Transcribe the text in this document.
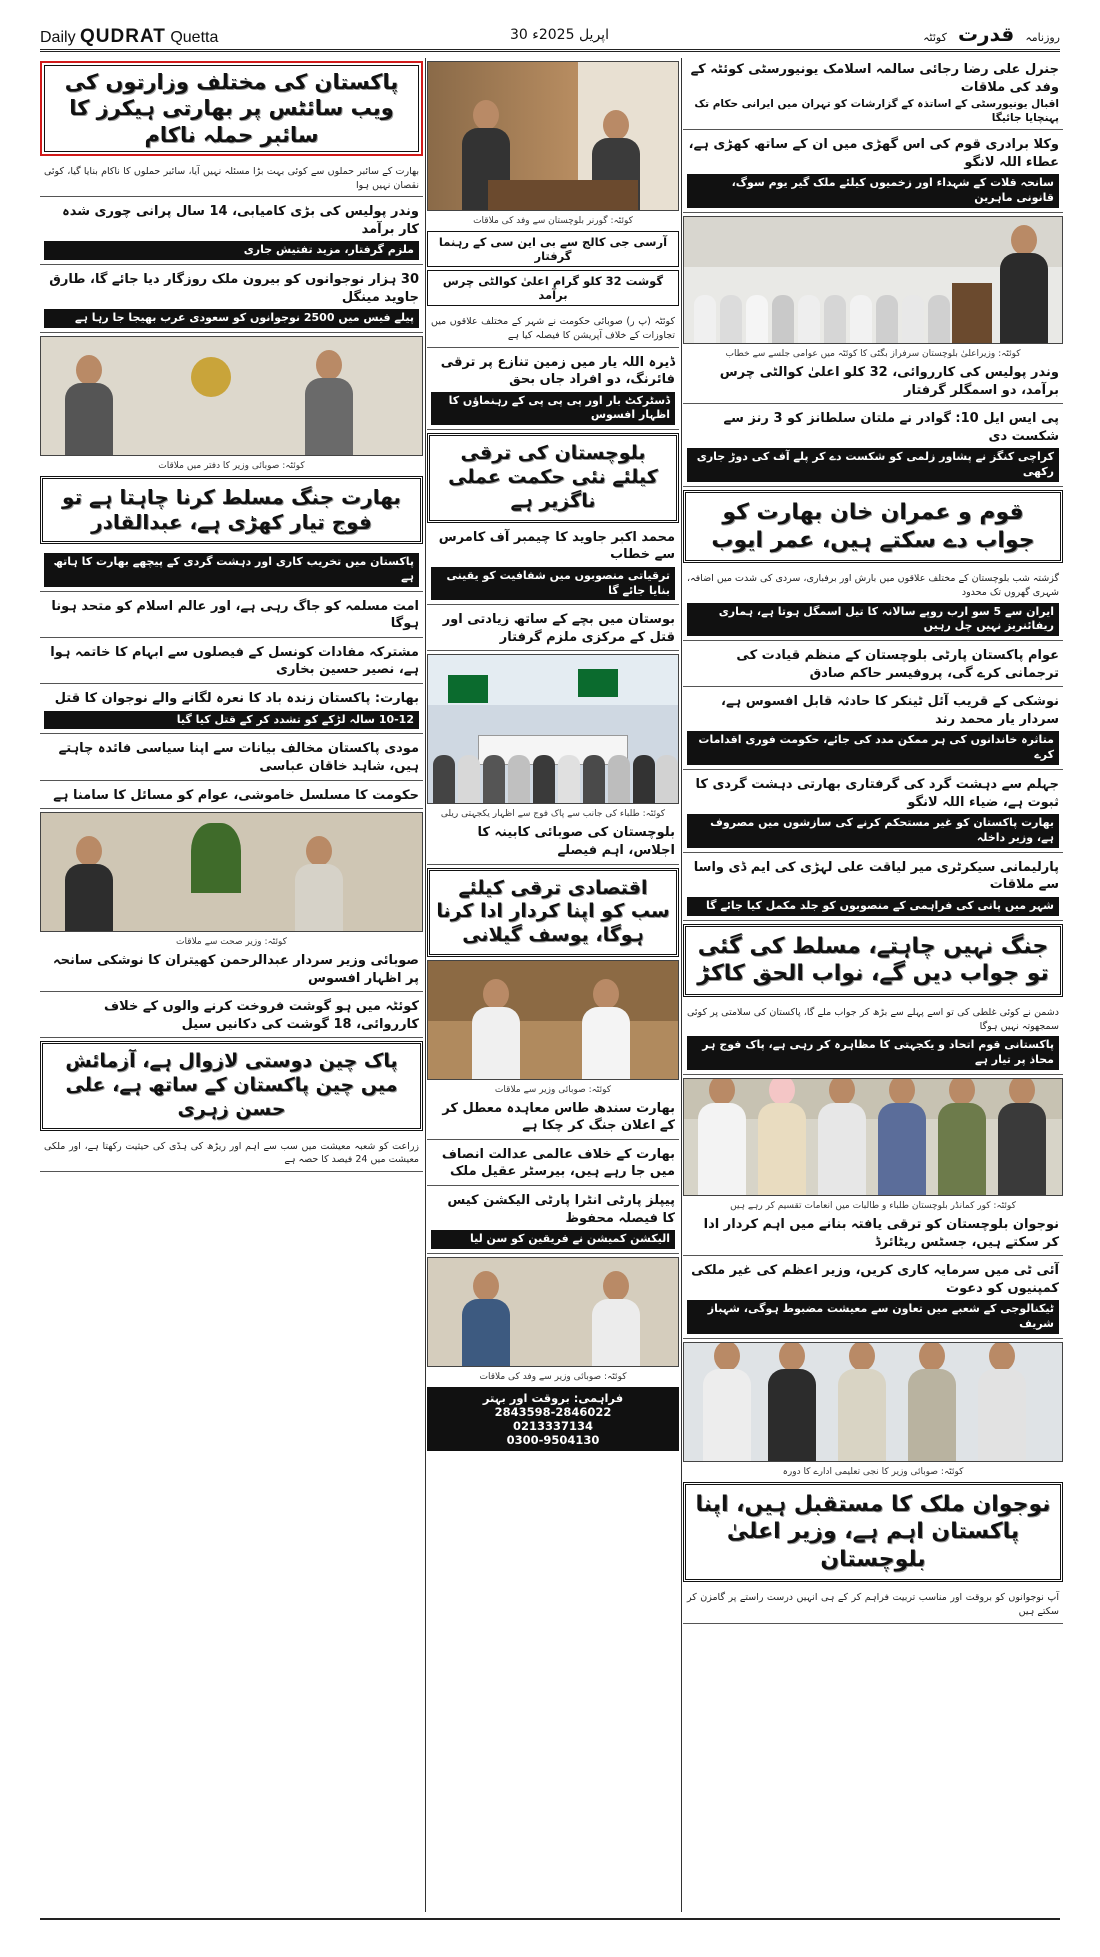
Daily QUDRAT Quetta	30 اپریل 2025ء	روزنامہ قدرت کوئٹہ
جنرل علی رضا رجائی سالمہ اسلامک یونیورسٹی کوئٹہ کے وفد کی ملاقات
اقبال یونیورسٹی کے اساتذہ کے گزارشات کو تہران میں ایرانی حکام تک پہنچایا جائیگا
وکلا برادری قوم کی اس گھڑی میں ان کے ساتھ کھڑی ہے، عطاء اللہ لانگو
سانحہ قلات کے شہداء اور زخمیوں کیلئے ملک گیر یوم سوگ، قانونی ماہرین
کوئٹہ: وزیراعلیٰ بلوچستان سرفراز بگٹی کا کوئٹہ میں عوامی جلسے سے خطاب
وندر پولیس کی کارروائی، 32 کلو اعلیٰ کوالٹی چرس برآمد، دو اسمگلر گرفتار
پی ایس ایل 10: گوادر نے ملتان سلطانز کو 3 رنز سے شکست دی
کراچی کنگز نے پشاور زلمی کو شکست دے کر پلے آف کی دوڑ جاری رکھی
قوم و عمران خان بھارت کو جواب دے سکتے ہیں، عمر ایوب
گزشتہ شب بلوچستان کے مختلف علاقوں میں بارش اور برفباری، سردی کی شدت میں اضافہ، شہری گھروں تک محدود
ایران سے 5 سو ارب روپے سالانہ کا تیل اسمگل ہوتا ہے، ہماری ریفائنریز نہیں چل رہیں
عوام پاکستان پارٹی بلوچستان کے منظم قیادت کی ترجمانی کرے گی، پروفیسر حاکم صادق
نوشکی کے قریب آئل ٹینکر کا حادثہ قابل افسوس ہے، سردار یار محمد رند
متاثرہ خاندانوں کی ہر ممکن مدد کی جائے، حکومت فوری اقدامات کرے
جہلم سے دہشت گرد کی گرفتاری بھارتی دہشت گردی کا ثبوت ہے، ضیاء اللہ لانگو
بھارت پاکستان کو غیر مستحکم کرنے کی سازشوں میں مصروف ہے، وزیر داخلہ
پارلیمانی سیکرٹری میر لیاقت علی لہڑی کی ایم ڈی واسا سے ملاقات
شہر میں پانی کی فراہمی کے منصوبوں کو جلد مکمل کیا جائے گا
جنگ نہیں چاہتے، مسلط کی گئی تو جواب دیں گے، نواب الحق کاکڑ
دشمن نے کوئی غلطی کی تو اسے پہلے سے بڑھ کر جواب ملے گا، پاکستان کی سلامتی پر کوئی سمجھوتہ نہیں ہوگا
پاکستانی قوم اتحاد و یکجہتی کا مظاہرہ کر رہی ہے، پاک فوج ہر محاذ پر تیار ہے
کوئٹہ: کور کمانڈر بلوچستان طلباء و طالبات میں انعامات تقسیم کر رہے ہیں
نوجوان بلوچستان کو ترقی یافتہ بنانے میں اہم کردار ادا کر سکتے ہیں، جسٹس ریٹائرڈ
آئی ٹی میں سرمایہ کاری کریں، وزیر اعظم کی غیر ملکی کمپنیوں کو دعوت
ٹیکنالوجی کے شعبے میں تعاون سے معیشت مضبوط ہوگی، شہباز شریف
کوئٹہ: صوبائی وزیر کا نجی تعلیمی ادارے کا دورہ
نوجوان ملک کا مستقبل ہیں، اپنا پاکستان اہم ہے، وزیر اعلیٰ بلوچستان
آپ نوجوانوں کو بروقت اور مناسب تربیت فراہم کر کے ہی انہیں درست راستے پر گامزن کر سکتے ہیں
کوئٹہ: گورنر بلوچستان سے وفد کی ملاقات
آرسی جی کالج سے بی این سی کے رہنما گرفتار
گوشت 32 کلو گرام اعلیٰ کوالٹی چرس برآمد
کوئٹہ (پ ر) صوبائی حکومت نے شہر کے مختلف علاقوں میں تجاوزات کے خلاف آپریشن کا فیصلہ کیا ہے
ڈیرہ اللہ یار میں زمین تنازع پر ترقی فائرنگ، دو افراد جاں بحق
ڈسٹرکٹ بار اور پی پی پی کے رہنماؤں کا اظہار افسوس
بلوچستان کی ترقی کیلئے نئی حکمت عملی ناگزیر ہے
محمد اکبر جاوید کا چیمبر آف کامرس سے خطاب
ترقیاتی منصوبوں میں شفافیت کو یقینی بنایا جائے گا
بوستان میں بچے کے ساتھ زیادتی اور قتل کے مرکزی ملزم گرفتار
کوئٹہ: طلباء کی جانب سے پاک فوج سے اظہار یکجہتی ریلی
بلوچستان کی صوبائی کابینہ کا اجلاس، اہم فیصلے
اقتصادی ترقی کیلئے سب کو اپنا کردار ادا کرنا ہوگا، یوسف گیلانی
کوئٹہ: صوبائی وزیر سے ملاقات
بھارت سندھ طاس معاہدہ معطل کر کے اعلان جنگ کر چکا ہے
بھارت کے خلاف عالمی عدالت انصاف میں جا رہے ہیں، بیرسٹر عقیل ملک
پیپلز پارٹی انٹرا پارٹی الیکشن کیس کا فیصلہ محفوظ
الیکشن کمیشن نے فریقین کو سن لیا
کوئٹہ: صوبائی وزیر سے وفد کی ملاقات
فراہمی: بروقت اور بہتر
2843598-2846022
0213337134
0300-9504130
پاکستان کی مختلف وزارتوں کی ویب سائٹس پر بھارتی ہیکرز کا سائبر حملہ ناکام
بھارت کے سائبر حملوں سے کوئی بہت بڑا مسئلہ نہیں آیا، سائبر حملوں کا ناکام بنایا گیا، کوئی نقصان نہیں ہوا
وندر پولیس کی بڑی کامیابی، 14 سال پرانی چوری شدہ کار برآمد
ملزم گرفتار، مزید تفتیش جاری
30 ہزار نوجوانوں کو بیرون ملک روزگار دیا جائے گا، طارق جاوید مینگل
پیلے فیس میں 2500 نوجوانوں کو سعودی عرب بھیجا جا رہا ہے
کوئٹہ: صوبائی وزیر کا دفتر میں ملاقات
بھارت جنگ مسلط کرنا چاہتا ہے تو فوج تیار کھڑی ہے، عبدالقادر
پاکستان میں تخریب کاری اور دہشت گردی کے پیچھے بھارت کا ہاتھ ہے
امت مسلمہ کو جاگ رہی ہے، اور عالم اسلام کو متحد ہونا ہوگا
مشترکہ مفادات کونسل کے فیصلوں سے ابہام کا خاتمہ ہوا ہے، نصیر حسین بخاری
بھارت: پاکستان زندہ باد کا نعرہ لگانے والے نوجوان کا قتل
10-12 سالہ لڑکے کو تشدد کر کے قتل کیا گیا
مودی پاکستان مخالف بیانات سے اپنا سیاسی فائدہ چاہتے ہیں، شاہد خاقان عباسی
حکومت کا مسلسل خاموشی، عوام کو مسائل کا سامنا ہے
کوئٹہ: وزیر صحت سے ملاقات
صوبائی وزیر سردار عبدالرحمن کھیتران کا نوشکی سانحہ پر اظہار افسوس
کوئٹہ میں ہو گوشت فروخت کرنے والوں کے خلاف کارروائی، 18 گوشت کی دکانیں سیل
پاک چین دوستی لازوال ہے، آزمائش میں چین پاکستان کے ساتھ ہے، علی حسن زہری
زراعت کو شعبہ معیشت میں سب سے اہم اور ریڑھ کی ہڈی کی حیثیت رکھتا ہے، اور ملکی معیشت میں 24 فیصد کا حصہ ہے
